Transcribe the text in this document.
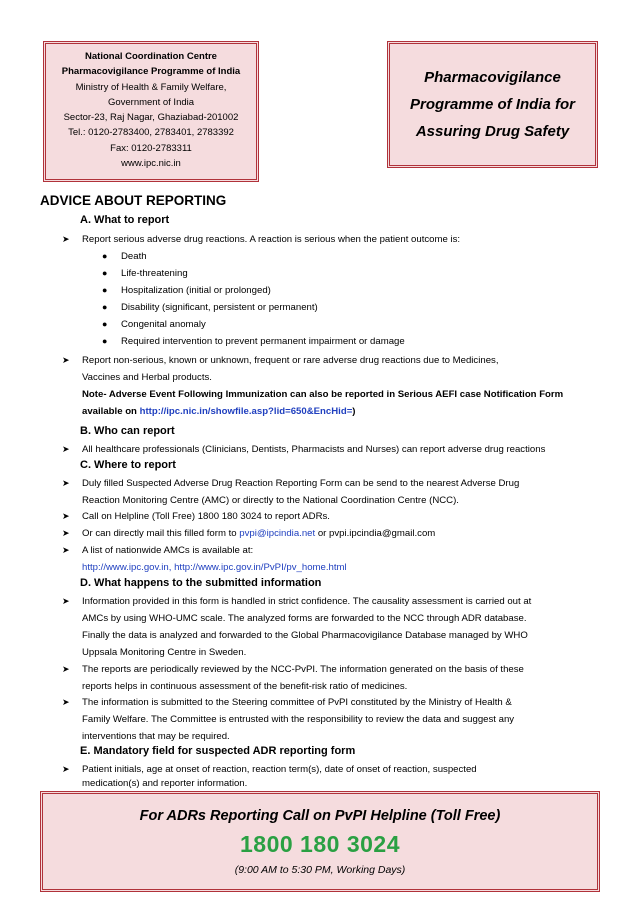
National Coordination Centre
Pharmacovigilance Programme of India
Ministry of Health & Family Welfare,
Government of India
Sector-23, Raj Nagar, Ghaziabad-201002
Tel.: 0120-2783400, 2783401, 2783392
Fax: 0120-2783311
www.ipc.nic.in
Pharmacovigilance
Programme of India for
Assuring Drug Safety
ADVICE ABOUT REPORTING
A. What to report
➤ Report serious adverse drug reactions. A reaction is serious when the patient outcome is:
● Death
● Life-threatening
● Hospitalization (initial or prolonged)
● Disability (significant, persistent or permanent)
● Congenital anomaly
● Required intervention to prevent permanent impairment or damage
➤ Report non-serious, known or unknown, frequent or rare adverse drug reactions due to Medicines,
Vaccines and Herbal products.
Note- Adverse Event Following Immunization can also be reported in Serious AEFI case Notification Form
available on http://ipc.nic.in/showfile.asp?lid=650&EncHid=)
B. Who can report
➤ All healthcare professionals (Clinicians, Dentists, Pharmacists and Nurses) can report adverse drug reactions
C. Where to report
➤ Duly filled Suspected Adverse Drug Reaction Reporting Form can be send to the nearest Adverse Drug
Reaction Monitoring Centre (AMC) or directly to the National Coordination Centre (NCC).
➤ Call on Helpline (Toll Free) 1800 180 3024 to report ADRs.
➤ Or can directly mail this filled form to pvpi@ipcindia.net or pvpi.ipcindia@gmail.com
➤ A list of nationwide AMCs is available at:
http://www.ipc.gov.in, http://www.ipc.gov.in/PvPI/pv_home.html
D. What happens to the submitted information
➤ Information provided in this form is handled in strict confidence. The causality assessment is carried out at
AMCs by using WHO-UMC scale. The analyzed forms are forwarded to the NCC through ADR database.
Finally the data is analyzed and forwarded to the Global Pharmacovigilance Database managed by WHO
Uppsala Monitoring Centre in Sweden.
➤ The reports are periodically reviewed by the NCC-PvPI. The information generated on the basis of these
reports helps in continuous assessment of the benefit-risk ratio of medicines.
➤ The information is submitted to the Steering committee of PvPI constituted by the Ministry of Health &
Family Welfare. The Committee is entrusted with the responsibility to review the data and suggest any
interventions that may be required.
E. Mandatory field for suspected ADR reporting form
➤ Patient initials, age at onset of reaction, reaction term(s), date of onset of reaction, suspected
medication(s) and reporter information.
For ADRs Reporting Call on PvPI Helpline (Toll Free)
1800 180 3024
(9:00 AM to 5:30 PM, Working Days)
